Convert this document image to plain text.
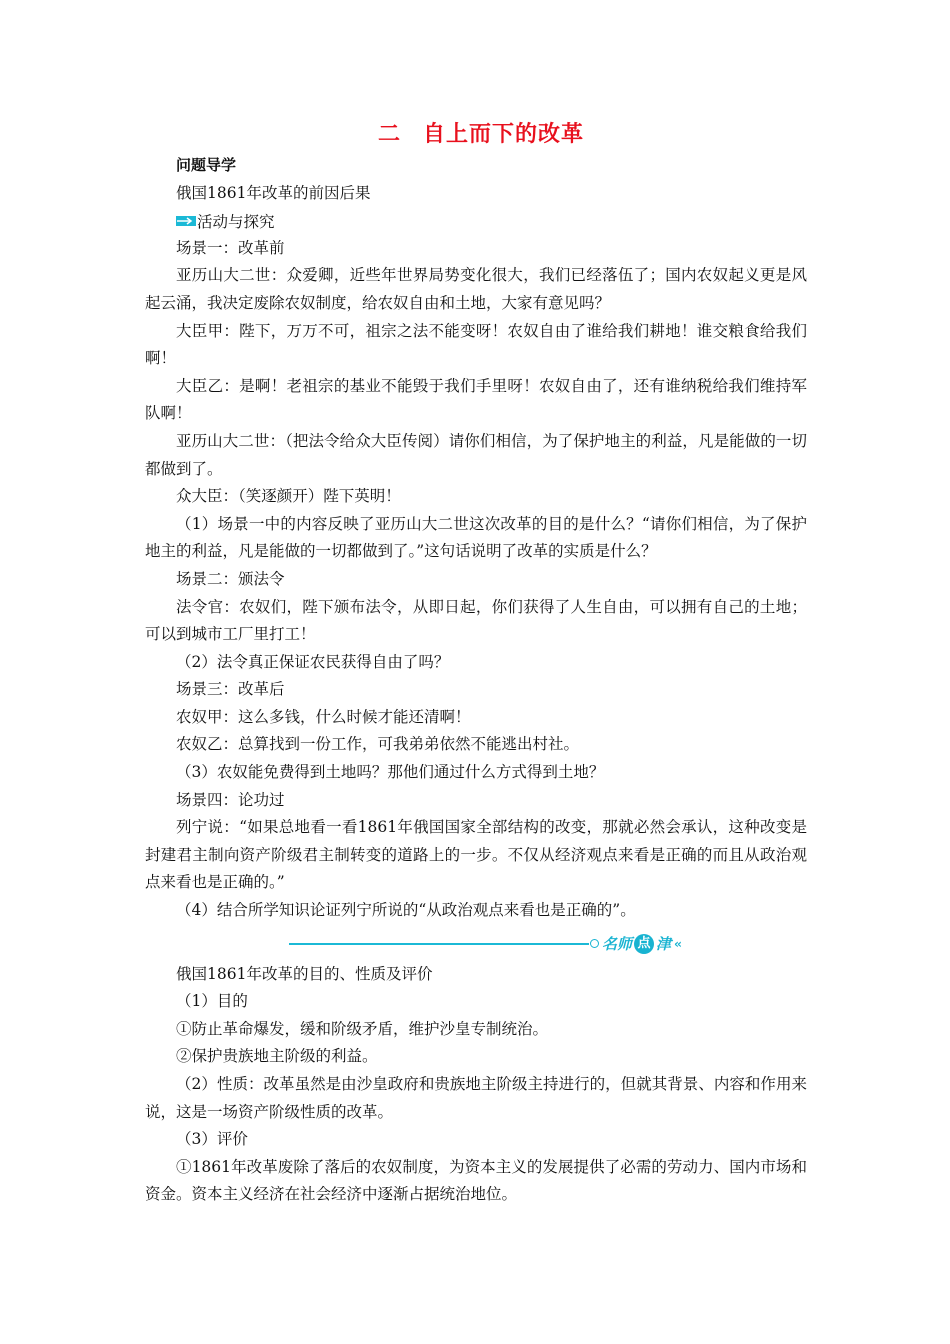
二 自上而下的改革

问题导学

俄国1861年改革的前因后果

活动与探究

场景一：改革前

亚历山大二世：众爱卿，近些年世界局势变化很大，我们已经落伍了；国内农奴起义更是风起云涌，我决定废除农奴制度，给农奴自由和土地，大家有意见吗？

大臣甲：陛下，万万不可，祖宗之法不能变呀！农奴自由了谁给我们耕地！谁交粮食给我们啊！

大臣乙：是啊！老祖宗的基业不能毁于我们手里呀！农奴自由了，还有谁纳税给我们维持军队啊！

亚历山大二世：（把法令给众大臣传阅）请你们相信，为了保护地主的利益，凡是能做的一切都做到了。

众大臣：（笑逐颜开）陛下英明！

（1）场景一中的内容反映了亚历山大二世这次改革的目的是什么？“请你们相信，为了保护地主的利益，凡是能做的一切都做到了。”这句话说明了改革的实质是什么？

场景二：颁法令

法令官：农奴们，陛下颁布法令，从即日起，你们获得了人生自由，可以拥有自己的土地；可以到城市工厂里打工！

（2）法令真正保证农民获得自由了吗？

场景三：改革后

农奴甲：这么多钱，什么时候才能还清啊！

农奴乙：总算找到一份工作，可我弟弟依然不能逃出村社。

（3）农奴能免费得到土地吗？那他们通过什么方式得到土地？

场景四：论功过

列宁说：“如果总地看一看1861年俄国国家全部结构的改变，那就必然会承认，这种改变是封建君主制向资产阶级君主制转变的道路上的一步。不仅从经济观点来看是正确的而且从政治观点来看也是正确的。”

（4）结合所学知识论证列宁所说的“从政治观点来看也是正确的”。

名师 点 津 ‹‹

俄国1861年改革的目的、性质及评价

（1）目的

①防止革命爆发，缓和阶级矛盾，维护沙皇专制统治。

②保护贵族地主阶级的利益。

（2）性质：改革虽然是由沙皇政府和贵族地主阶级主持进行的，但就其背景、内容和作用来说，这是一场资产阶级性质的改革。

（3）评价

①1861年改革废除了落后的农奴制度，为资本主义的发展提供了必需的劳动力、国内市场和资金。资本主义经济在社会经济中逐渐占据统治地位。
